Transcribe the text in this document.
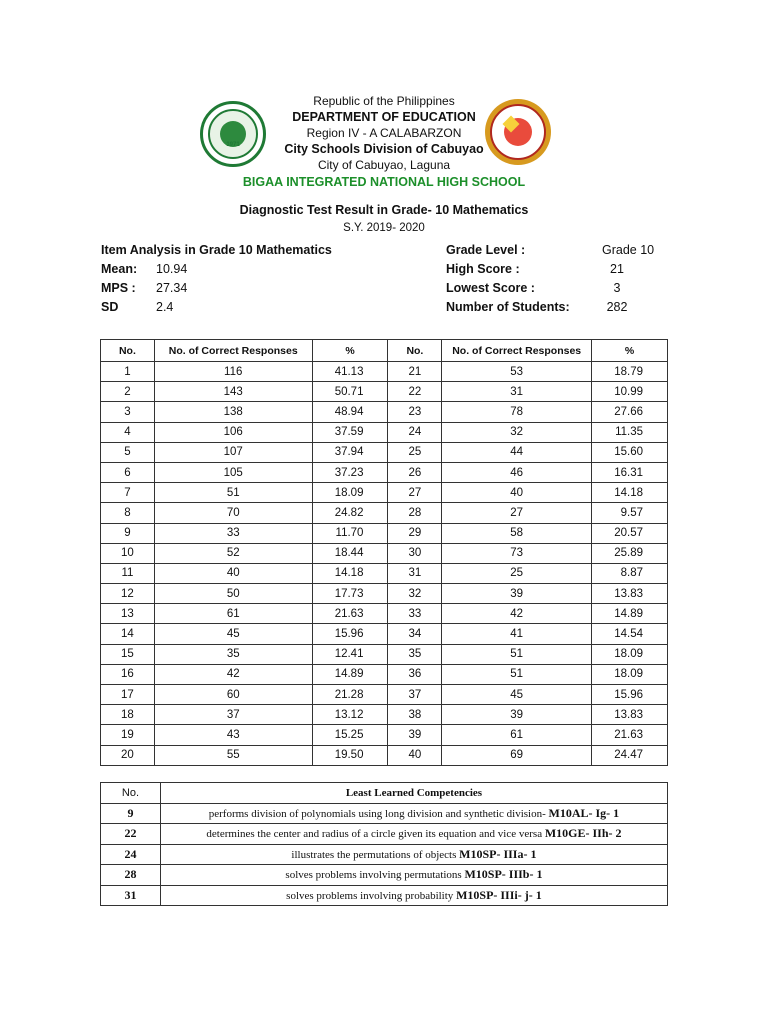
1971
Republic of the Philippines
DEPARTMENT OF EDUCATION
Region IV - A CALABARZON
City Schools Division of Cabuyao
City of Cabuyao, Laguna
BIGAA INTEGRATED NATIONAL HIGH SCHOOL
Diagnostic Test Result in Grade- 10 Mathematics
S.Y. 2019- 2020
Item Analysis in Grade 10 Mathematics	Grade Level :	Grade 10
Mean: 10.94	High Score :	21
MPS : 27.34	Lowest Score :	3
SD	2.4	Number of Students:	282
No.	No. of Correct Responses	%	No.	No. of Correct Responses	%
1	116	41.13	21	53	18.79
2	143	50.71	22	31	10.99
3	138	48.94	23	78	27.66
4	106	37.59	24	32	11.35
5	107	37.94	25	44	15.60
6	105	37.23	26	46	16.31
7	51	18.09	27	40	14.18
8	70	24.82	28	27	9.57
9	33	11.70	29	58	20.57
10	52	18.44	30	73	25.89
11	40	14.18	31	25	8.87
12	50	17.73	32	39	13.83
13	61	21.63	33	42	14.89
14	45	15.96	34	41	14.54
15	35	12.41	35	51	18.09
16	42	14.89	36	51	18.09
17	60	21.28	37	45	15.96
18	37	13.12	38	39	13.83
19	43	15.25	39	61	21.63
20	55	19.50	40	69	24.47
No.	Least Learned Competencies
9	performs division of polynomials using long division and synthetic division- M10AL- Ig- 1
22	determines the center and radius of a circle given its equation and vice versa M10GE- IIh- 2
24	illustrates the permutations of objects M10SP- IIIa- 1
28	solves problems involving permutations M10SP- IIIb- 1
31	solves problems involving probability M10SP- IIIi- j- 1
